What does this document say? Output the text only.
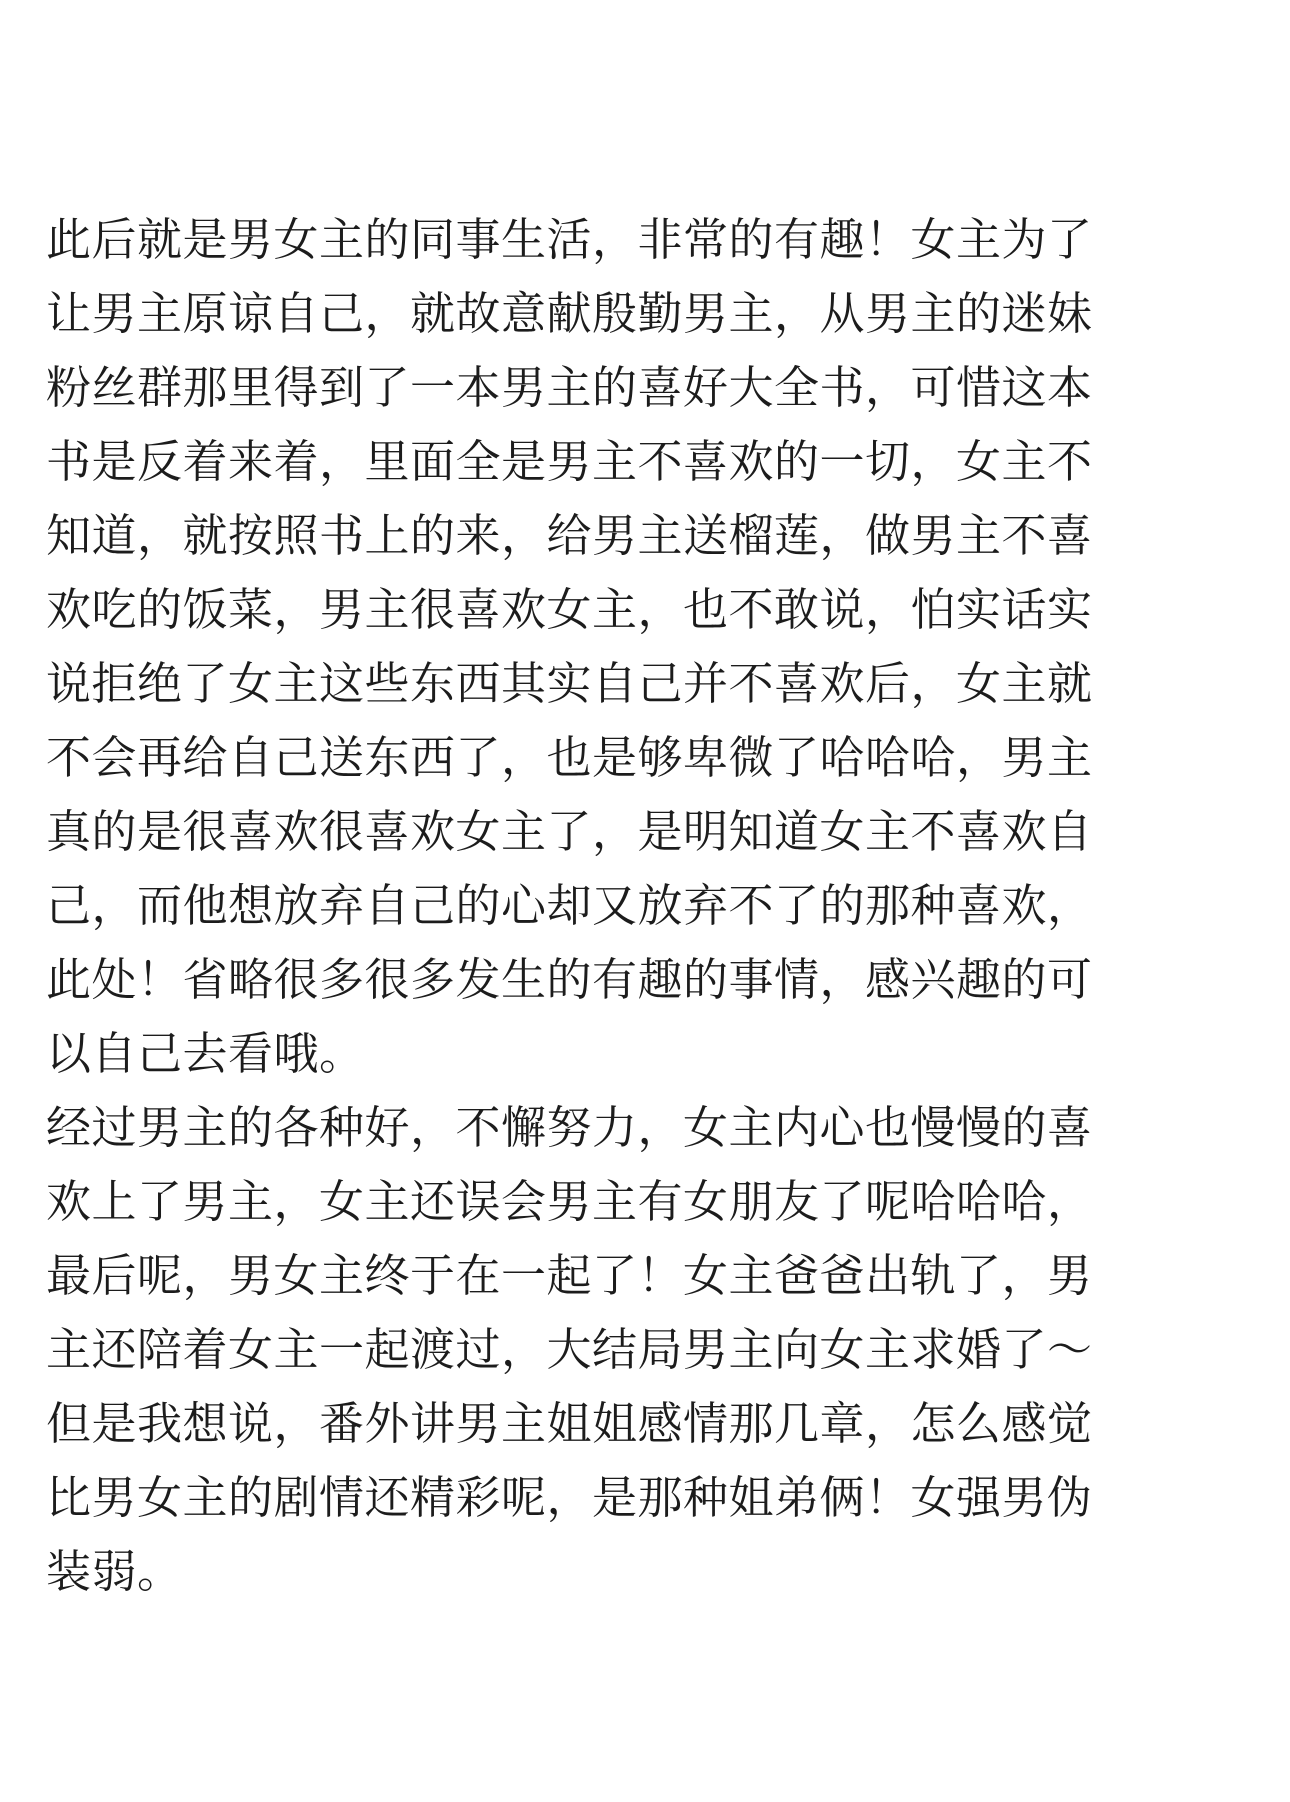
此后就是男女主的同事生活，非常的有趣！女主为了
让男主原谅自己，就故意献殷勤男主，从男主的迷妹
粉丝群那里得到了一本男主的喜好大全书，可惜这本
书是反着来着，里面全是男主不喜欢的一切，女主不
知道，就按照书上的来，给男主送榴莲，做男主不喜
欢吃的饭菜，男主很喜欢女主，也不敢说，怕实话实
说拒绝了女主这些东西其实自己并不喜欢后，女主就
不会再给自己送东西了，也是够卑微了哈哈哈，男主
真的是很喜欢很喜欢女主了，是明知道女主不喜欢自
己，而他想放弃自己的心却又放弃不了的那种喜欢，
此处！省略很多很多发生的有趣的事情，感兴趣的可
以自己去看哦。
经过男主的各种好，不懈努力，女主内心也慢慢的喜
欢上了男主，女主还误会男主有女朋友了呢哈哈哈，
最后呢，男女主终于在一起了！女主爸爸出轨了，男
主还陪着女主一起渡过，大结局男主向女主求婚了～
但是我想说，番外讲男主姐姐感情那几章，怎么感觉
比男女主的剧情还精彩呢，是那种姐弟俩！女强男伪
装弱。
